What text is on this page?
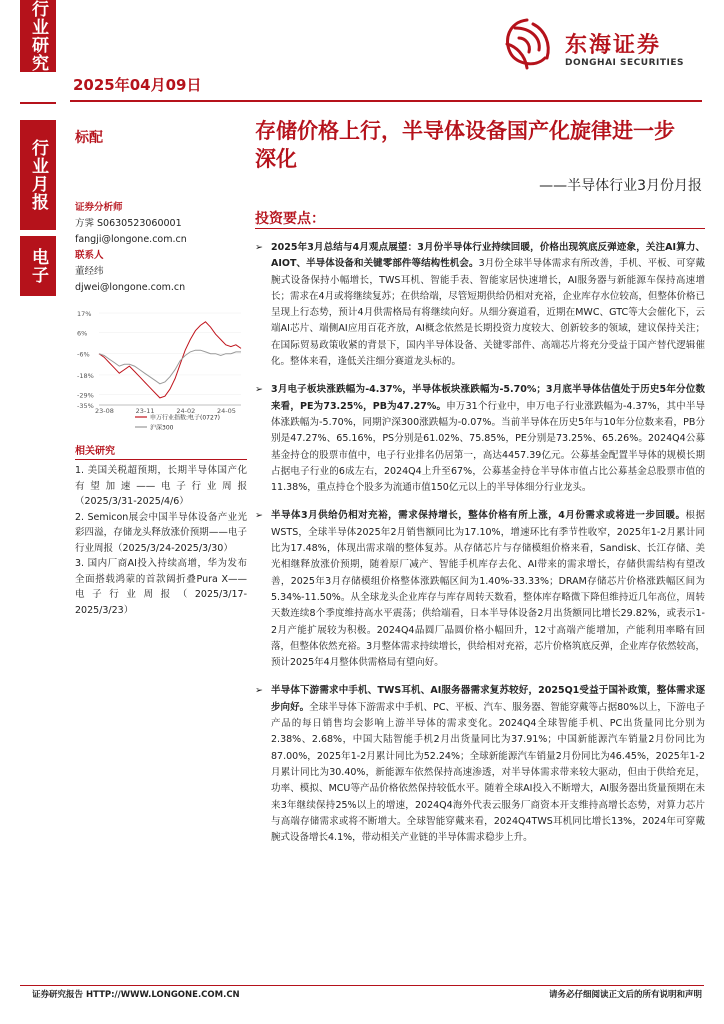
行业研究
行业月报
电子
2025年04月09日
东海证券
DONGHAI SECURITIES
标配	存储价格上行，半导体设备国产化旋律进一步深化
——半导体行业3月份月报
投资要点：
证券分析师
方霁 S0630523060001
fangji@longone.com.cn
联系人
董经纬
djwei@longone.com.cn
17%
6%
-6%
-18%
-29%
-35%
23-08	23-11	24-02	24-05
申万行业指数:电子(0727)
沪深300
相关研究
1. 美国关税超预期，长期半导体国产化有望加速——电子行业周报（2025/3/31-2025/4/6）
2. Semicon展会中国半导体设备产业光彩四溢，存储龙头释放涨价预期——电子行业周报（2025/3/24-2025/3/30）
3. 国内厂商AI投入持续高增，华为发布全面搭载鸿蒙的首款阔折叠Pura X——电子行业周报（2025/3/17-2025/3/23）
➢ 2025年3月总结与4月观点展望：3月份半导体行业持续回暖，价格出现筑底反弹迹象，关注AI算力、AIOT、半导体设备和关键零部件等结构性机会。3月份全球半导体需求有所改善，手机、平板、可穿戴腕式设备保持小幅增长，TWS耳机、智能手表、智能家居快速增长，AI服务器与新能源车保持高速增长；需求在4月或将继续复苏；在供给端，尽管短期供给仍相对充裕，企业库存水位较高，但整体价格已呈现上行态势，预计4月供需格局有将继续向好。从细分赛道看，近期在MWC、GTC等大会催化下，云端AI芯片、端侧AI应用百花齐放，AI概念依然是长期投资力度较大、创新较多的领域，建议保持关注；在国际贸易政策收紧的背景下，国内半导体设备、关键零部件、高端芯片将充分受益于国产替代逻辑催化。整体来看，逢低关注细分赛道龙头标的。
➢ 3月电子板块涨跌幅为-4.37%，半导体板块涨跌幅为-5.70%；3月底半导体估值处于历史5年分位数来看，PE为73.25%，PB为47.27%。申万31个行业中，申万电子行业涨跌幅为-4.37%，其中半导体涨跌幅为-5.70%，同期沪深300涨跌幅为-0.07%。当前半导体在历史5年与10年分位数来看，PB分别是47.27%、65.16%，PS分别是61.02%、75.85%，PE分别是73.25%、65.26%。2024Q4公募基金持仓的股票市值中，电子行业排名仍居第一，高达4457.39亿元。公募基金配置半导体的规模长期占据电子行业的6成左右，2024Q4上升至67%，公募基金持仓半导体市值占比公募基金总股票市值的11.38%，重点持仓个股多为流通市值150亿元以上的半导体细分行业龙头。
➢ 半导体3月供给仍相对充裕，需求保持增长，整体价格有所上涨，4月份需求或将进一步回暖。根据WSTS，全球半导体2025年2月销售额同比为17.10%，增速环比有季节性收窄，2025年1-2月累计同比为17.48%，体现出需求端的整体复苏。从存储芯片与存储模组价格来看，Sandisk、长江存储、美光相继释放涨价预期，随着原厂减产、智能手机库存去化、AI带来的需求增长，存储供需结构有望改善，2025年3月存储模组价格整体涨跌幅区间为1.40%-33.33%；DRAM存储芯片价格涨跌幅区间为5.34%-11.50%。从全球龙头企业库存与库存周转天数看，整体库存略微下降但维持近几年高位，周转天数连续8个季度维持高水平震荡；供给端看，日本半导体设备2月出货额同比增长29.82%，或表示1-2月产能扩展较为积极。2024Q4晶圆厂晶圆价格小幅回升，12寸高端产能增加，产能利用率略有回落，但整体依然充裕。3月整体需求持续增长，供给相对充裕，芯片价格筑底反弹，企业库存依然较高，预计2025年4月整体供需格局有望向好。
➢ 半导体下游需求中手机、TWS耳机、AI服务器需求复苏较好，2025Q1受益于国补政策，整体需求逐步向好。全球半导体下游需求中手机、PC、平板、汽车、服务器、智能穿戴等占据80%以上，下游电子产品的每日销售均会影响上游半导体的需求变化。2024Q4全球智能手机、PC出货量同比分别为2.38%、2.68%，中国大陆智能手机2月出货量同比为37.91%；中国新能源汽车销量2月份同比为87.00%，2025年1-2月累计同比为52.24%；全球新能源汽车销量2月份同比为46.45%，2025年1-2月累计同比为30.40%，新能源车依然保持高速渗透，对半导体需求带来较大驱动，但由于供给充足，功率、模拟、MCU等产品价格依然保持较低水平。随着全球AI投入不断增大，AI服务器出货量预期在未来3年继续保持25%以上的增速，2024Q4海外代表云服务厂商资本开支维持高增长态势，对算力芯片与高端存储需求或将不断增大。全球智能穿戴来看，2024Q4TWS耳机同比增长13%，2024年可穿戴腕式设备增长4.1%，带动相关产业链的半导体需求稳步上升。
证券研究报告 HTTP://WWW.LONGONE.COM.CN	请务必仔细阅读正文后的所有说明和声明
